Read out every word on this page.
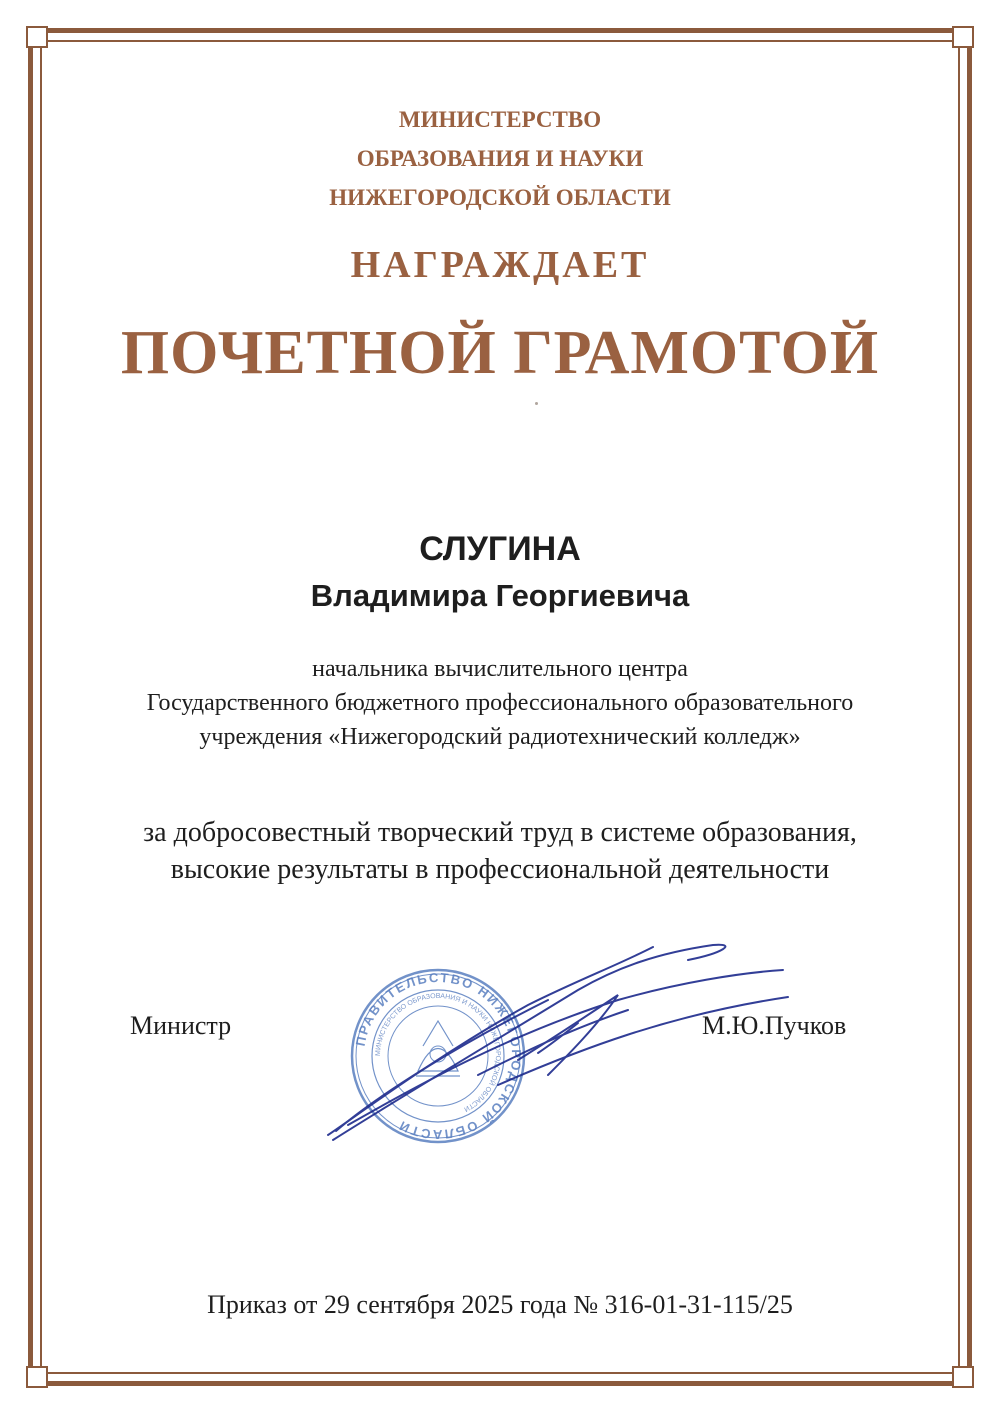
МИНИСТЕРСТВО
ОБРАЗОВАНИЯ И НАУКИ
НИЖЕГОРОДСКОЙ ОБЛАСТИ
НАГРАЖДАЕТ
ПОЧЕТНОЙ ГРАМОТОЙ
СЛУГИНА
Владимира Георгиевича
начальника вычислительного центра
Государственного бюджетного профессионального образовательного
учреждения «Нижегородский радиотехнический колледж»
за добросовестный творческий труд в системе образования,
высокие результаты в профессиональной деятельности
Министр	М.Ю.Пучков
ПРАВИТЕЛЬСТВО НИЖЕГОРОДСКОЙ ОБЛАСТИ
МИНИСТЕРСТВО ОБРАЗОВАНИЯ И НАУКИ НИЖЕГОРОДСКОЙ ОБЛАСТИ
Приказ от 29 сентября 2025 года № 316-01-31-115/25
